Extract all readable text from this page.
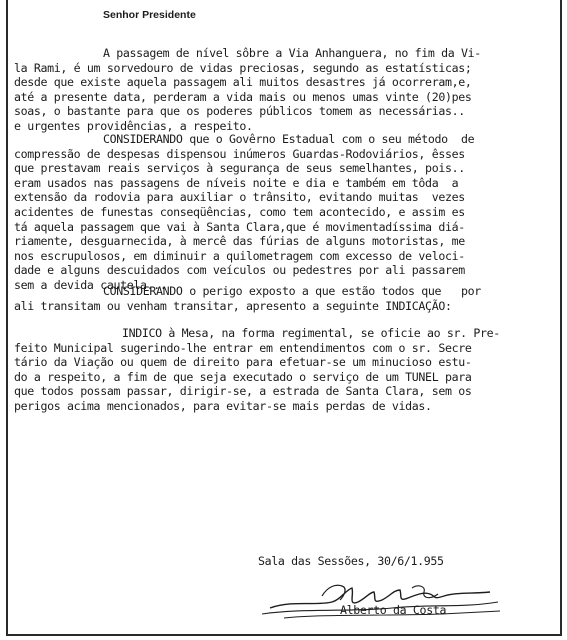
Senhor Presidente
A passagem de nível sôbre a Via Anhanguera, no fim da Vi-
la Rami, é um sorvedouro de vidas preciosas, segundo as estatísticas;
desde que existe aquela passagem ali muitos desastres já ocorreram,e,
até a presente data, perderam a vida mais ou menos umas vinte (20)pes
soas, o bastante para que os poderes públicos tomem as necessárias..
e urgentes providências, a respeito.
CONSIDERANDO que o Govêrno Estadual com o seu método  de
compressão de despesas dispensou inúmeros Guardas-Rodoviários, êsses
que prestavam reais serviços à segurança de seus semelhantes, pois..
eram usados nas passagens de níveis noite e dia e também em tôda  a
extensão da rodovia para auxiliar o trânsito, evitando muitas  vezes
acidentes de funestas conseqüências, como tem acontecido, e assim es
tá aquela passagem que vai à Santa Clara,que é movimentadíssima diá-
riamente, desguarnecida, à mercê das fúrias de alguns motoristas, me
nos escrupulosos, em diminuir a quilometragem com excesso de veloci-
dade e alguns descuidados com veículos ou pedestres por ali passarem
sem a devida cautela...
CONSIDERANDO o perigo exposto a que estão todos que   por
ali transitam ou venham transitar, apresento a seguinte INDICAÇÃO:
INDICO à Mesa, na forma regimental, se oficie ao sr. Pre-
feito Municipal sugerindo-lhe entrar em entendimentos com o sr. Secre
tário da Viação ou quem de direito para efetuar-se um minucioso estu-
do a respeito, a fim de que seja executado o serviço de um TUNEL para
que todos possam passar, dirigir-se, a estrada de Santa Clara, sem os
perigos acima mencionados, para evitar-se mais perdas de vidas.
Sala das Sessões, 30/6/1.955
Alberto da Costa
